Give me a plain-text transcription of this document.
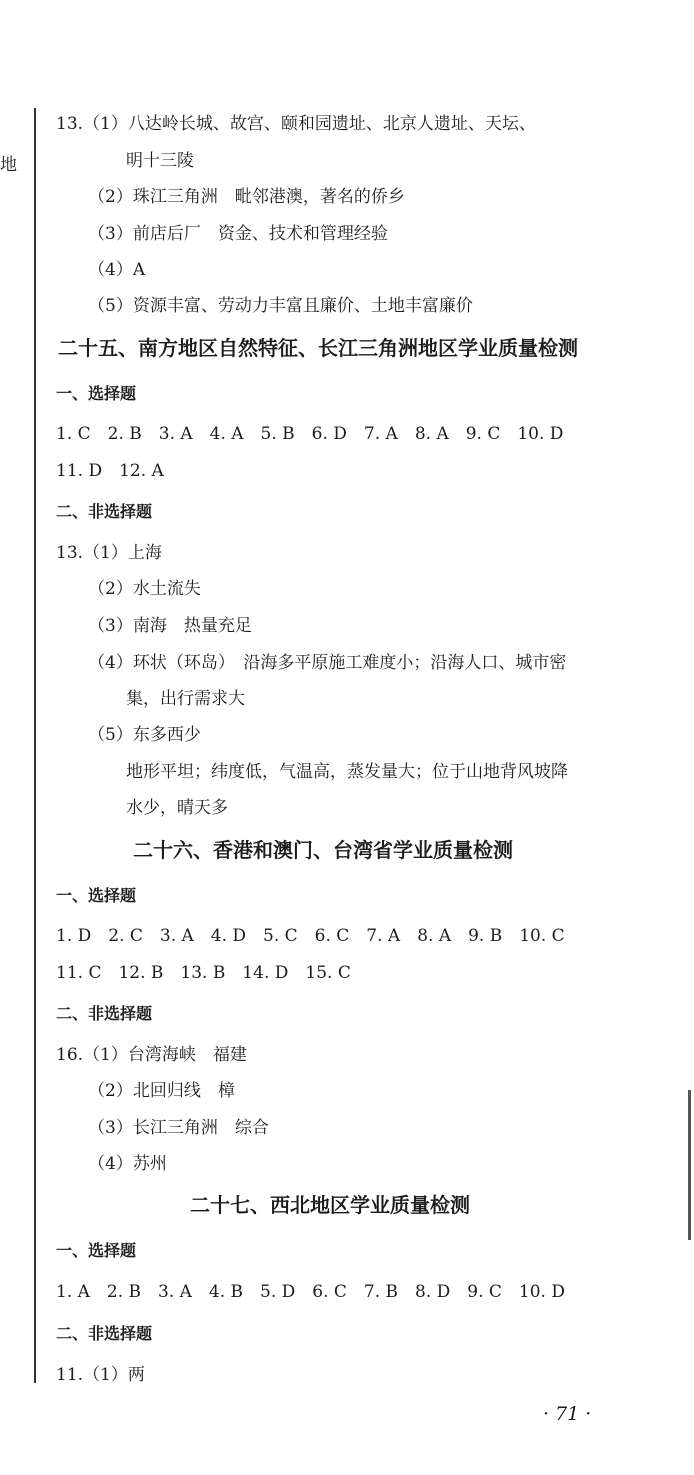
地
13.（1）八达岭长城、故宫、颐和园遗址、北京人遗址、天坛、
明十三陵
（2）珠江三角洲　毗邻港澳，著名的侨乡
（3）前店后厂　资金、技术和管理经验
（4）A
（5）资源丰富、劳动力丰富且廉价、土地丰富廉价
二十五、南方地区自然特征、长江三角洲地区学业质量检测
一、选择题
1. C　2. B　3. A　4. A　5. B　6. D　7. A　8. A　9. C　10. D
11. D　12. A
二、非选择题
13.（1）上海
（2）水土流失
（3）南海　热量充足
（4）环状（环岛）　沿海多平原施工难度小；沿海人口、城市密
集，出行需求大
（5）东多西少
地形平坦；纬度低，气温高，蒸发量大；位于山地背风坡降
水少，晴天多
二十六、香港和澳门、台湾省学业质量检测
一、选择题
1. D　2. C　3. A　4. D　5. C　6. C　7. A　8. A　9. B　10. C
11. C　12. B　13. B　14. D　15. C
二、非选择题
16.（1）台湾海峡　福建
（2）北回归线　樟
（3）长江三角洲　综合
（4）苏州
二十七、西北地区学业质量检测
一、选择题
1. A　2. B　3. A　4. B　5. D　6. C　7. B　8. D　9. C　10. D
二、非选择题
11.（1）两
· 71 ·
